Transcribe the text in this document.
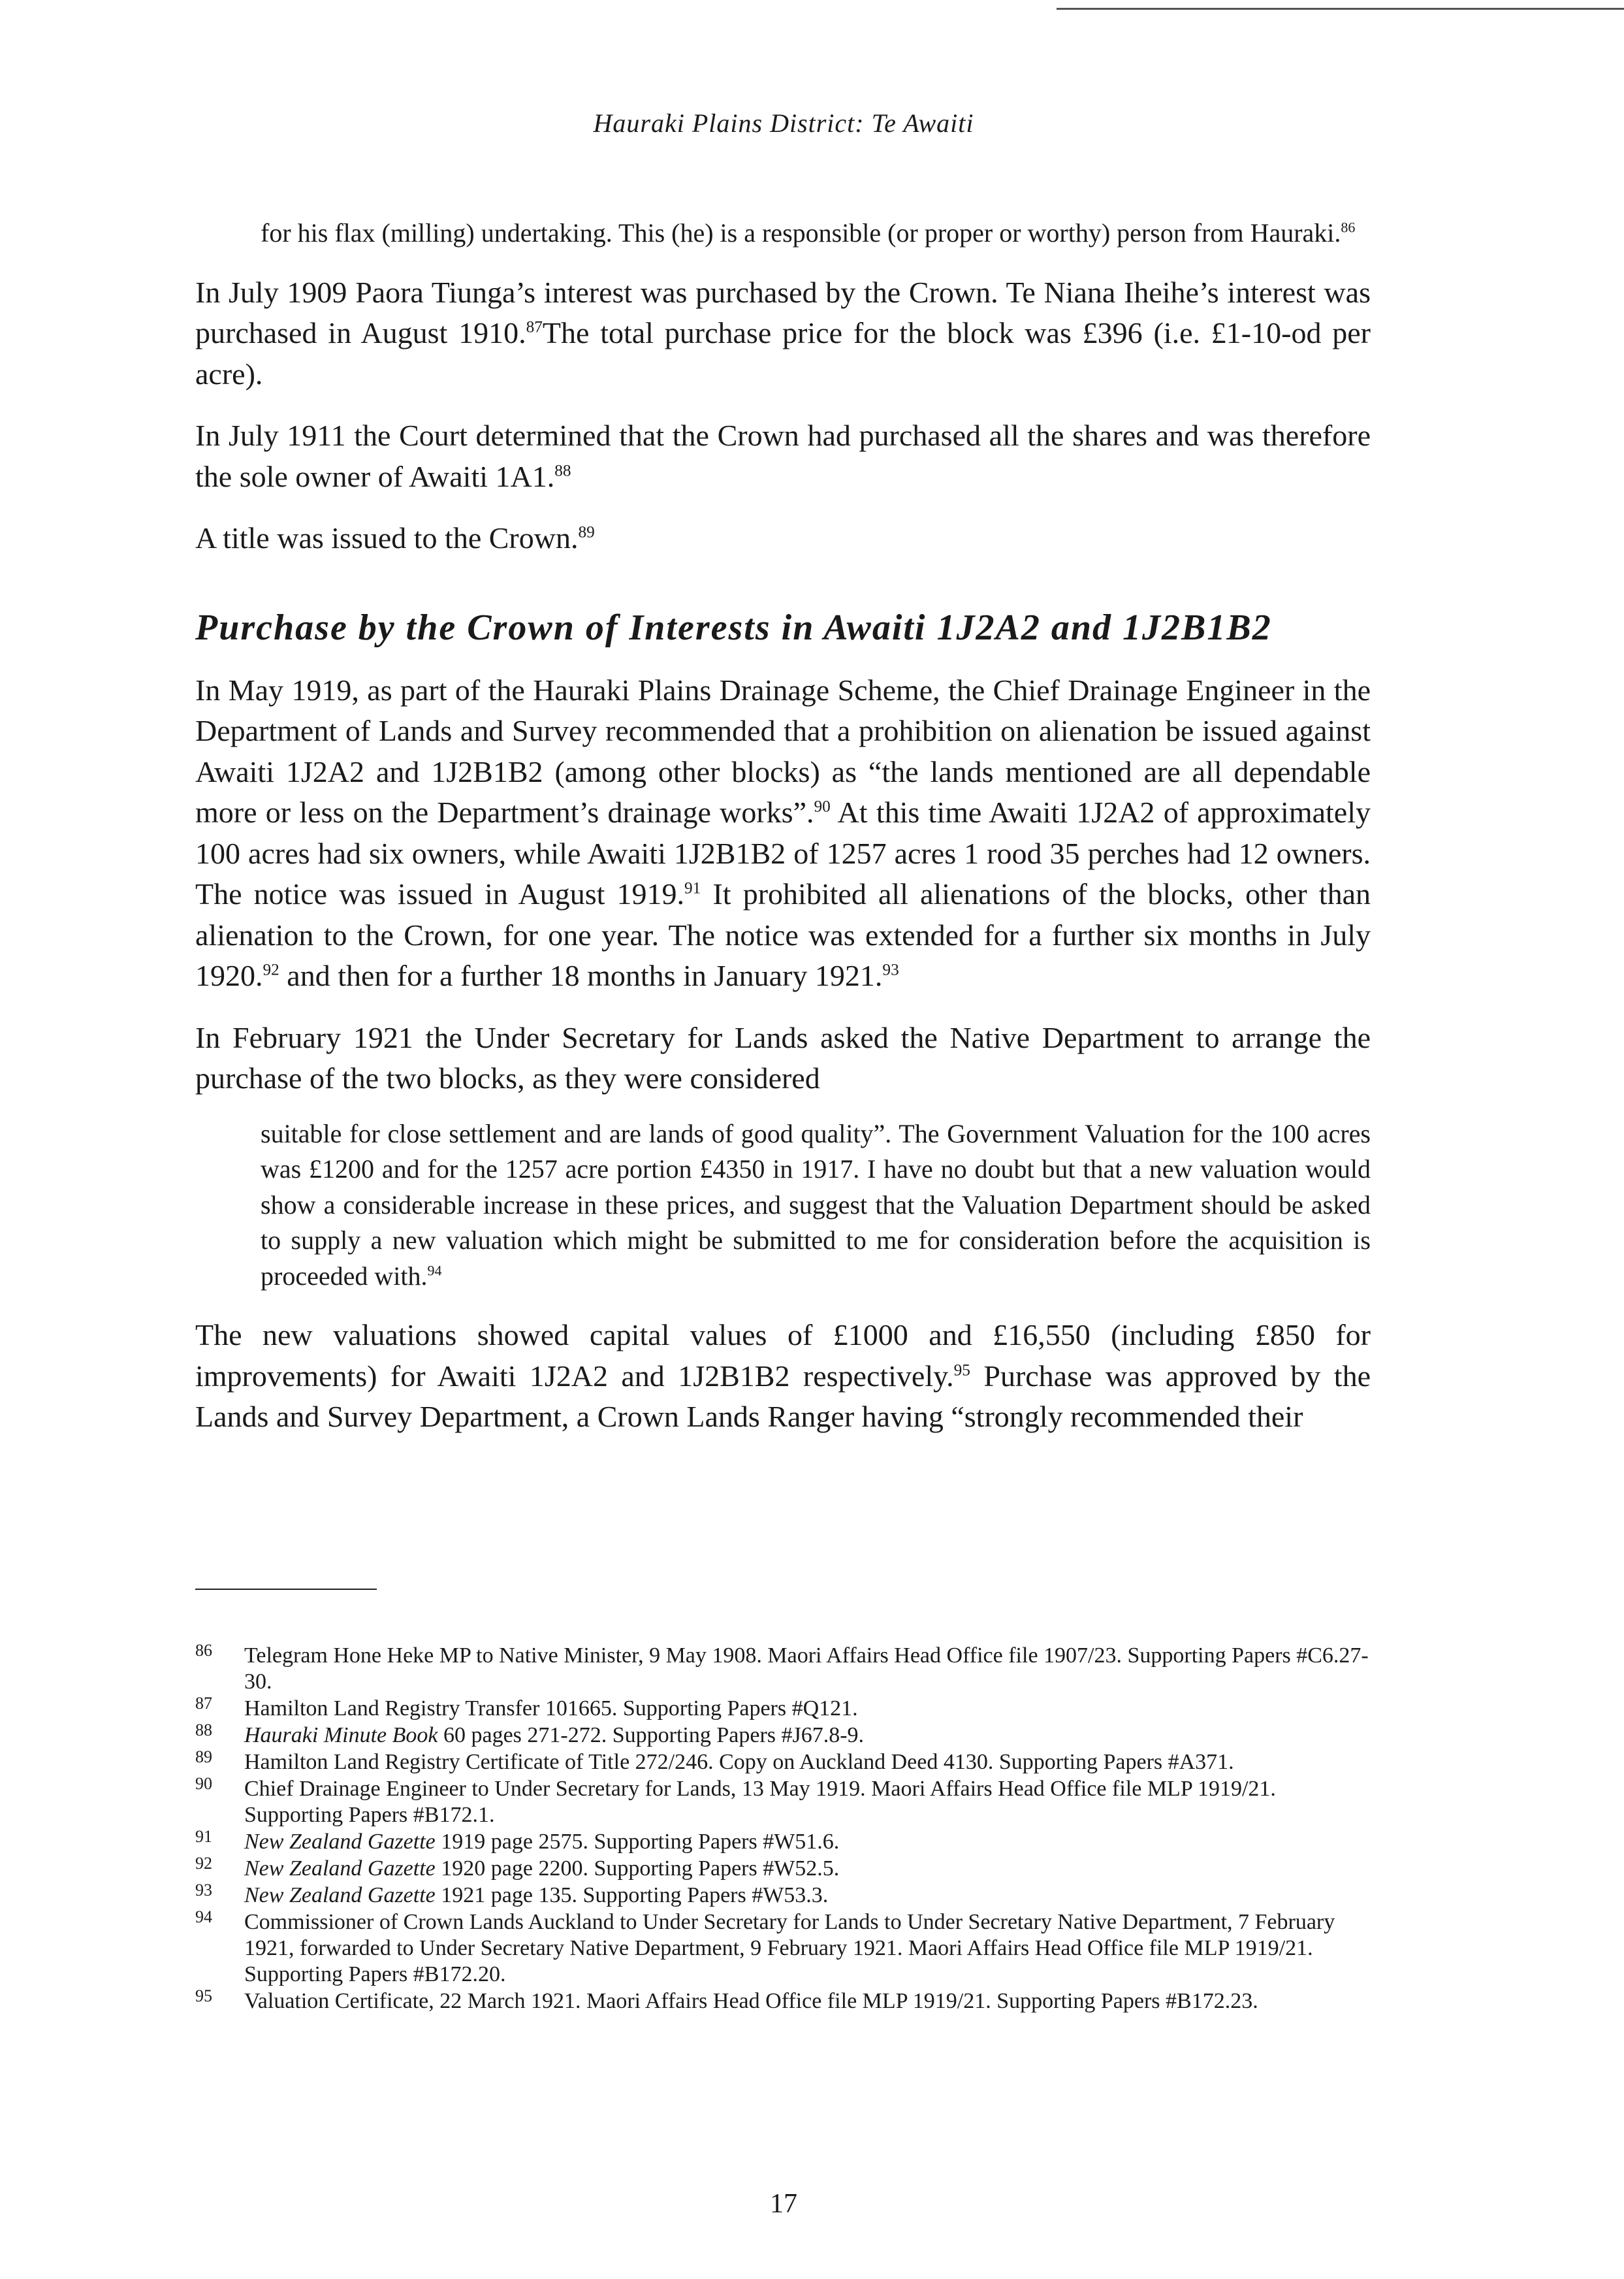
Hauraki Plains District: Te Awaiti

for his flax (milling) undertaking. This (he) is a responsible (or proper or worthy) person from Hauraki.$^{86}$

In July 1909 Paora Tiunga’s interest was purchased by the Crown. Te Niana Iheihe’s interest was purchased in August 1910.87The total purchase price for the block was £396 (i.e. £1-10-od per acre).

In July 1911 the Court determined that the Crown had purchased all the shares and was therefore the sole owner of Awaiti 1A1.88

A title was issued to the Crown.$^{89}$

Purchase by the Crown of Interests in Awaiti 1J2A2 and 1J2B1B2

In May 1919, as part of the Hauraki Plains Drainage Scheme, the Chief Drainage Engineer in the Department of Lands and Survey recommended that a prohibition on alienation be issued against Awaiti 1J2A2 and 1J2B1B2 (among other blocks) as “the lands mentioned are all dependable more or less on the Department’s drainage works”.$^{90}$ At this time Awaiti 1J2A2 of approximately 100 acres had six owners, while Awaiti 1J2B1B2 of 1257 acres 1 rood 35 perches had 12 owners. The notice was issued in August 1919.91 It prohibited all alienations of the blocks, other than alienation to the Crown, for one year. The notice was extended for a further six months in July 1920.92 and then for a further 18 months in January 1921.93

In February 1921 the Under Secretary for Lands asked the Native Department to arrange the purchase of the two blocks, as they were considered

suitable for close settlement and are lands of good quality”. The Government Valuation for the 100 acres was £1200 and for the 1257 acre portion £4350 in 1917. I have no doubt but that a new valuation would show a considerable increase in these prices, and suggest that the Valuation Department should be asked to supply a new valuation which might be submitted to me for consideration before the acquisition is proceeded with.$^{94}$

The new valuations showed capital values of £1000 and £16,550 (including £850 for improvements) for Awaiti 1J2A2 and 1J2B1B2 respectively.$^{95}$ Purchase was approved by the Lands and Survey Department, a Crown Lands Ranger having “strongly recommended their

86 Telegram Hone Heke MP to Native Minister, 9 May 1908. Maori Affairs Head Office file 1907/23. Supporting Papers #C6.27-30.
87 Hamilton Land Registry Transfer 101665. Supporting Papers #Q121.
88 Hauraki Minute Book 60 pages 271-272. Supporting Papers #J67.8-9.
89 Hamilton Land Registry Certificate of Title 272/246. Copy on Auckland Deed 4130. Supporting Papers #A371.
90 Chief Drainage Engineer to Under Secretary for Lands, 13 May 1919. Maori Affairs Head Office file MLP 1919/21. Supporting Papers #B172.1.
91 New Zealand Gazette 1919 page 2575. Supporting Papers #W51.6.
92 New Zealand Gazette 1920 page 2200. Supporting Papers #W52.5.
93 New Zealand Gazette 1921 page 135. Supporting Papers #W53.3.
94 Commissioner of Crown Lands Auckland to Under Secretary for Lands to Under Secretary Native Department, 7 February 1921, forwarded to Under Secretary Native Department, 9 February 1921. Maori Affairs Head Office file MLP 1919/21. Supporting Papers #B172.20.
95 Valuation Certificate, 22 March 1921. Maori Affairs Head Office file MLP 1919/21. Supporting Papers #B172.23.
17
